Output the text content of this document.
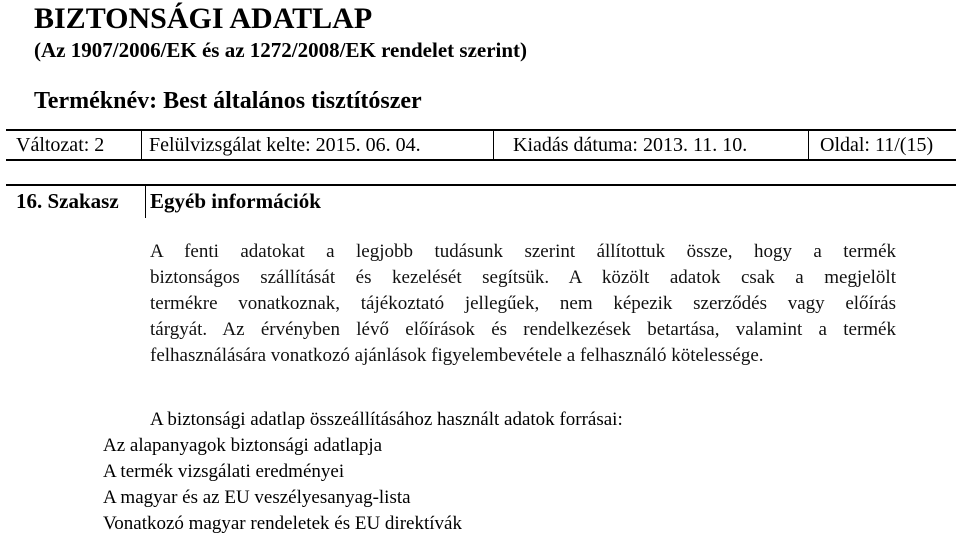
BIZTONSÁGI ADATLAP
(Az 1907/2006/EK és az 1272/2008/EK rendelet szerint)
Terméknév: Best általános tisztítószer
Változat: 2 Felülvizsgálat kelte: 2015. 06. 04.	Kiadás dátuma: 2013. 11. 10.	Oldal: 11/(15)
16. Szakasz Egyéb információk
A fenti adatokat a legjobb tudásunk szerint állítottuk össze, hogy a termék
biztonságos szállítását és kezelését segítsük. A közölt adatok csak a megjelölt
termékre vonatkoznak, tájékoztató jellegűek, nem képezik szerződés vagy előírás
tárgyát. Az érvényben lévő előírások és rendelkezések betartása, valamint a termék
felhasználására vonatkozó ajánlások figyelembevétele a felhasználó kötelessége.
A biztonsági adatlap összeállításához használt adatok forrásai:
Az alapanyagok biztonsági adatlapja
A termék vizsgálati eredményei
A magyar és az EU veszélyesanyag-lista
Vonatkozó magyar rendeletek és EU direktívák
